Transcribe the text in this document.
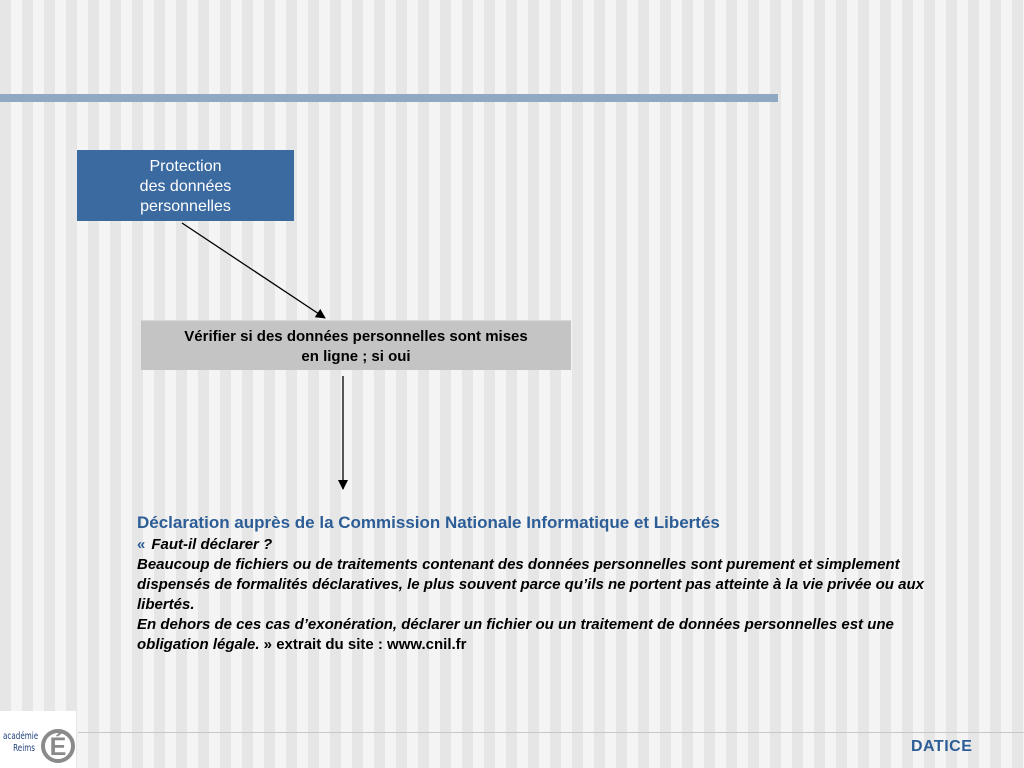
Protection
des données
personnelles
Vérifier si des données personnelles sont mises
en ligne ; si oui
Déclaration auprès de la Commission Nationale Informatique et Libertés
« Faut-il déclarer ?
Beaucoup de fichiers ou de traitements contenant des données personnelles sont purement et simplement dispensés de formalités déclaratives, le plus souvent parce qu’ils ne portent pas atteinte à la vie privée ou aux libertés.
En dehors de ces cas d’exonération, déclarer un fichier ou un traitement de données personnelles est une obligation légale. » extrait du site : www.cnil.fr
académie
Reims É	DATICE
